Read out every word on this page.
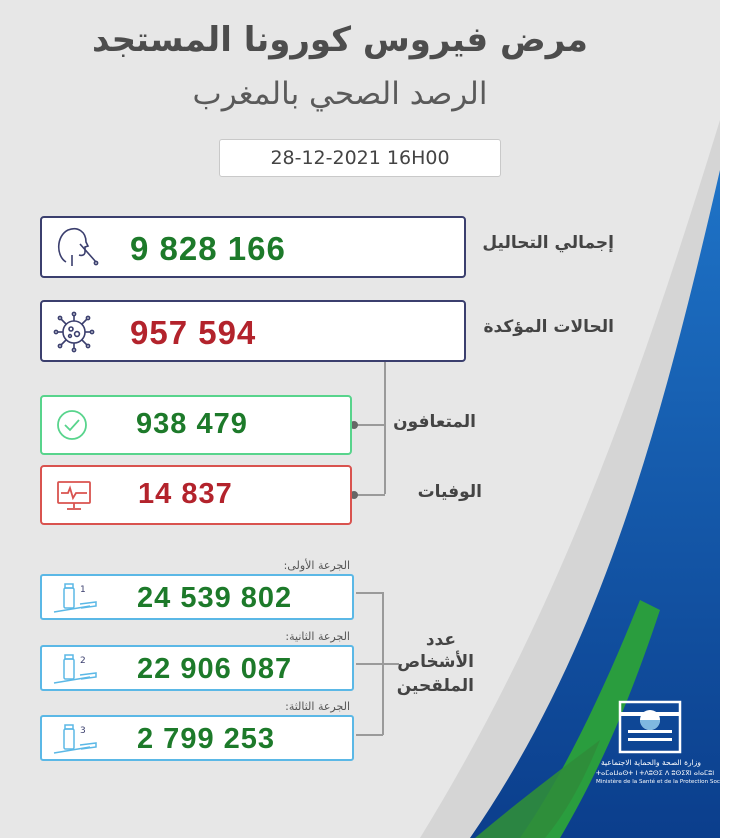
مرض فيروس كورونا المستجد
الرصد الصحي بالمغرب
28-12-2021 16H00
9 828 166	إجمالي التحاليل
957 594	الحالات المؤكدة
938 479	المتعافون
14 837	الوفيات
عدد
الأشخاص
الملقحين
الجرعة الأولى:
1 24 539 802
الجرعة الثانية:
2 22 906 087
الجرعة الثالثة:
3 2 799 253
وزارة الصحة والحماية الاجتماعية
ⵜⴰⵎⴰⵡⴰⵙⵜ ⵏ ⵜⴷⵓⵙⵉ ⴷ ⵓⵙⵉⴳⵏ ⴰⵏⴰⵎⵓⵏ
Ministère de la Santé et de la Protection Sociale
